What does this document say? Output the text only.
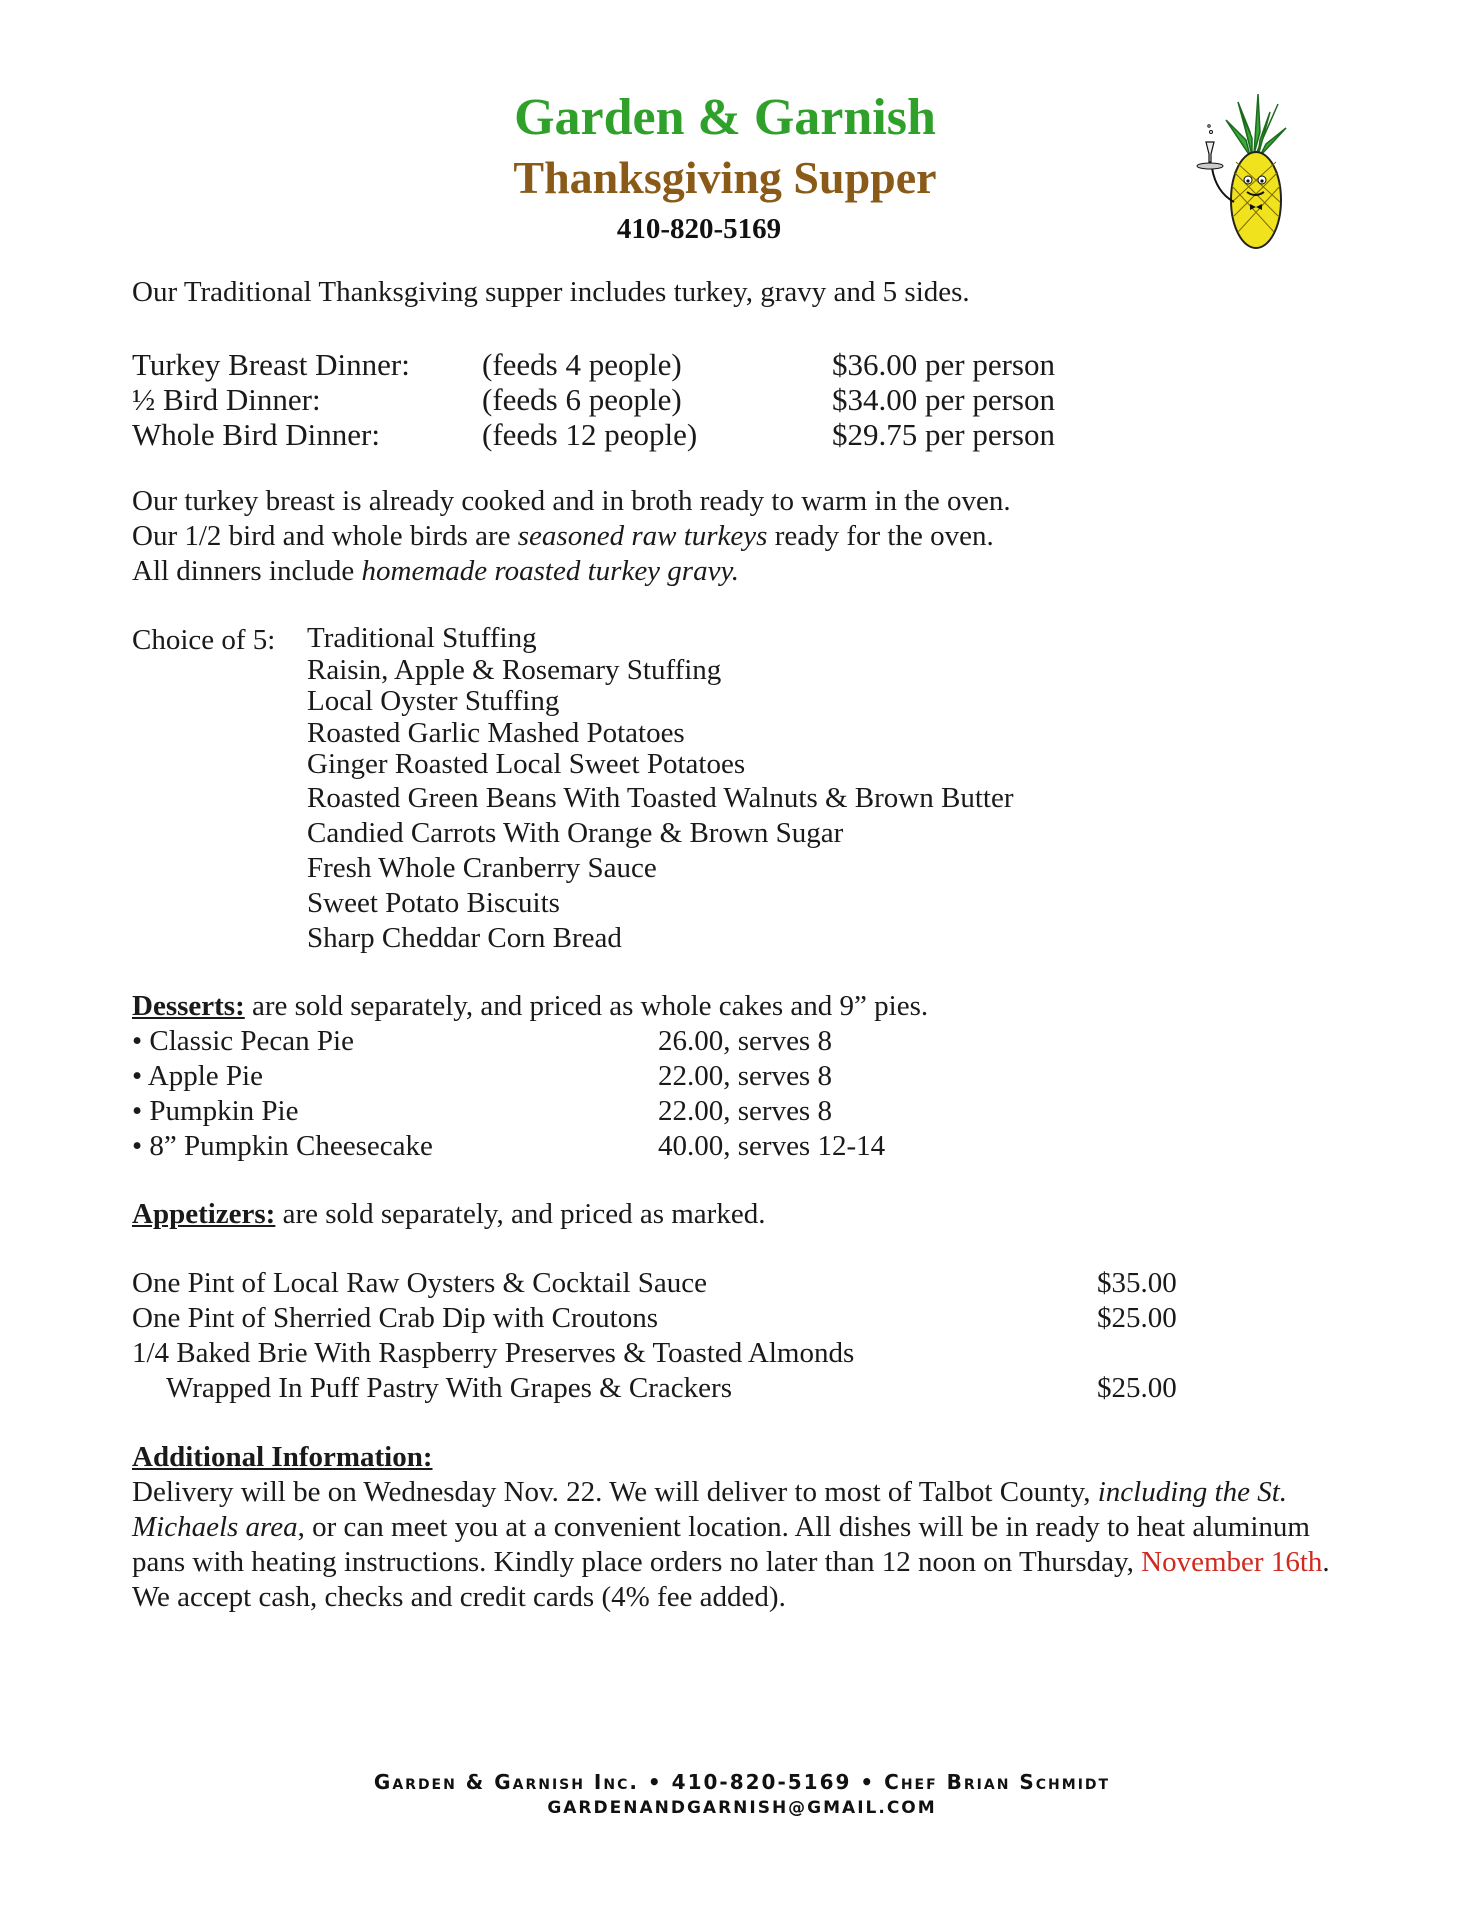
Garden & Garnish
Thanksgiving Supper
410-820-5169

Our Traditional Thanksgiving supper includes turkey, gravy and 5 sides.

Turkey Breast Dinner:	(feeds 4 people)	$36.00 per person
½ Bird Dinner:	(feeds 6 people)	$34.00 per person
Whole Bird Dinner:	(feeds 12 people)	$29.75 per person
Our turkey breast is already cooked and in broth ready to warm in the oven.
Our 1/2 bird and whole birds are seasoned raw turkeys ready for the oven.
All dinners include homemade roasted turkey gravy.
Choice of 5:	Traditional Stuffing
Raisin, Apple & Rosemary Stuffing
Local Oyster Stuffing
Roasted Garlic Mashed Potatoes
Ginger Roasted Local Sweet Potatoes
Roasted Green Beans With Toasted Walnuts & Brown Butter
Candied Carrots With Orange & Brown Sugar
Fresh Whole Cranberry Sauce
Sweet Potato Biscuits
Sharp Cheddar Corn Bread
Desserts: are sold separately, and priced as whole cakes and 9” pies.
• Classic Pecan Pie	26.00, serves 8
• Apple Pie	22.00, serves 8
• Pumpkin Pie	22.00, serves 8
• 8” Pumpkin Cheesecake	40.00, serves 12-14
Appetizers: are sold separately, and priced as marked.
One Pint of Local Raw Oysters & Cocktail Sauce	$35.00
One Pint of Sherried Crab Dip with Croutons	$25.00
1/4 Baked Brie With Raspberry Preserves & Toasted Almonds
Wrapped In Puff Pastry With Grapes & Crackers	$25.00
Additional Information:

Delivery will be on Wednesday Nov. 22. We will deliver to most of Talbot County, including the St. Michaels area, or can meet you at a convenient location. All dishes will be in ready to heat aluminum pans with heating instructions. Kindly place orders no later than 12 noon on Thursday, November 16th. We accept cash, checks and credit cards (4% fee added).

Garden & Garnish Inc. • 410-820-5169 • Chef Brian Schmidt
GARDENANDGARNISH@GMAIL.COM
